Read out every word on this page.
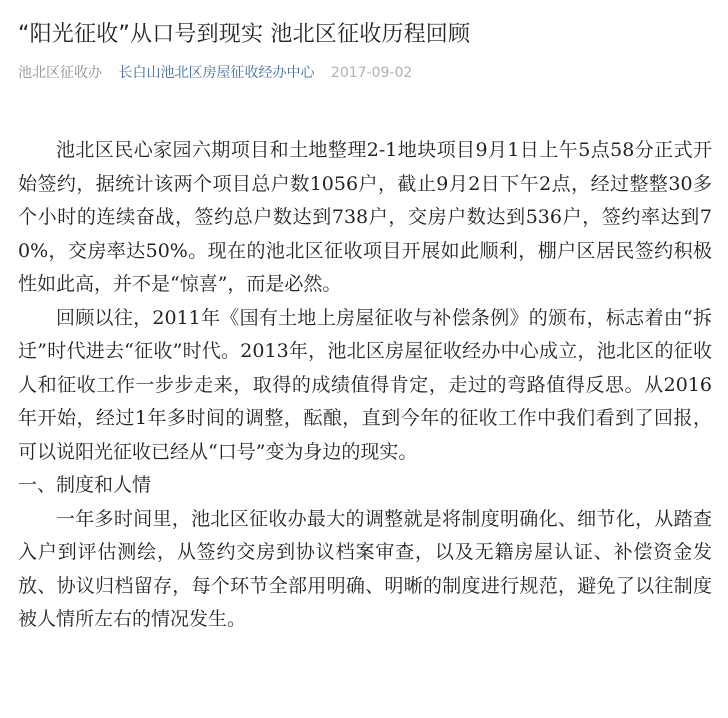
“阳光征收”从口号到现实 池北区征收历程回顾
池北区征收办 长白山池北区房屋征收经办中心 2017-09-02

池北区民心家园六期项目和土地整理2-1地块项目9月1日上午5点58分正式开始签约，据统计该两个项目总户数1056户，截止9月2日下午2点，经过整整30多个小时的连续奋战，签约总户数达到738户，交房户数达到536户，签约率达到70%，交房率达50%。现在的池北区征收项目开展如此顺利，棚户区居民签约积极性如此高，并不是“惊喜”，而是必然。

回顾以往，2011年《国有土地上房屋征收与补偿条例》的颁布，标志着由“拆迁”时代进去“征收”时代。2013年，池北区房屋征收经办中心成立，池北区的征收人和征收工作一步步走来，取得的成绩值得肯定，走过的弯路值得反思。从2016年开始，经过1年多时间的调整，酝酿，直到今年的征收工作中我们看到了回报，可以说阳光征收已经从“口号”变为身边的现实。

一、制度和人情

一年多时间里，池北区征收办最大的调整就是将制度明确化、细节化，从踏查入户到评估测绘，从签约交房到协议档案审查，以及无籍房屋认证、补偿资金发放、协议归档留存，每个环节全部用明确、明晰的制度进行规范，避免了以往制度被人情所左右的情况发生。
